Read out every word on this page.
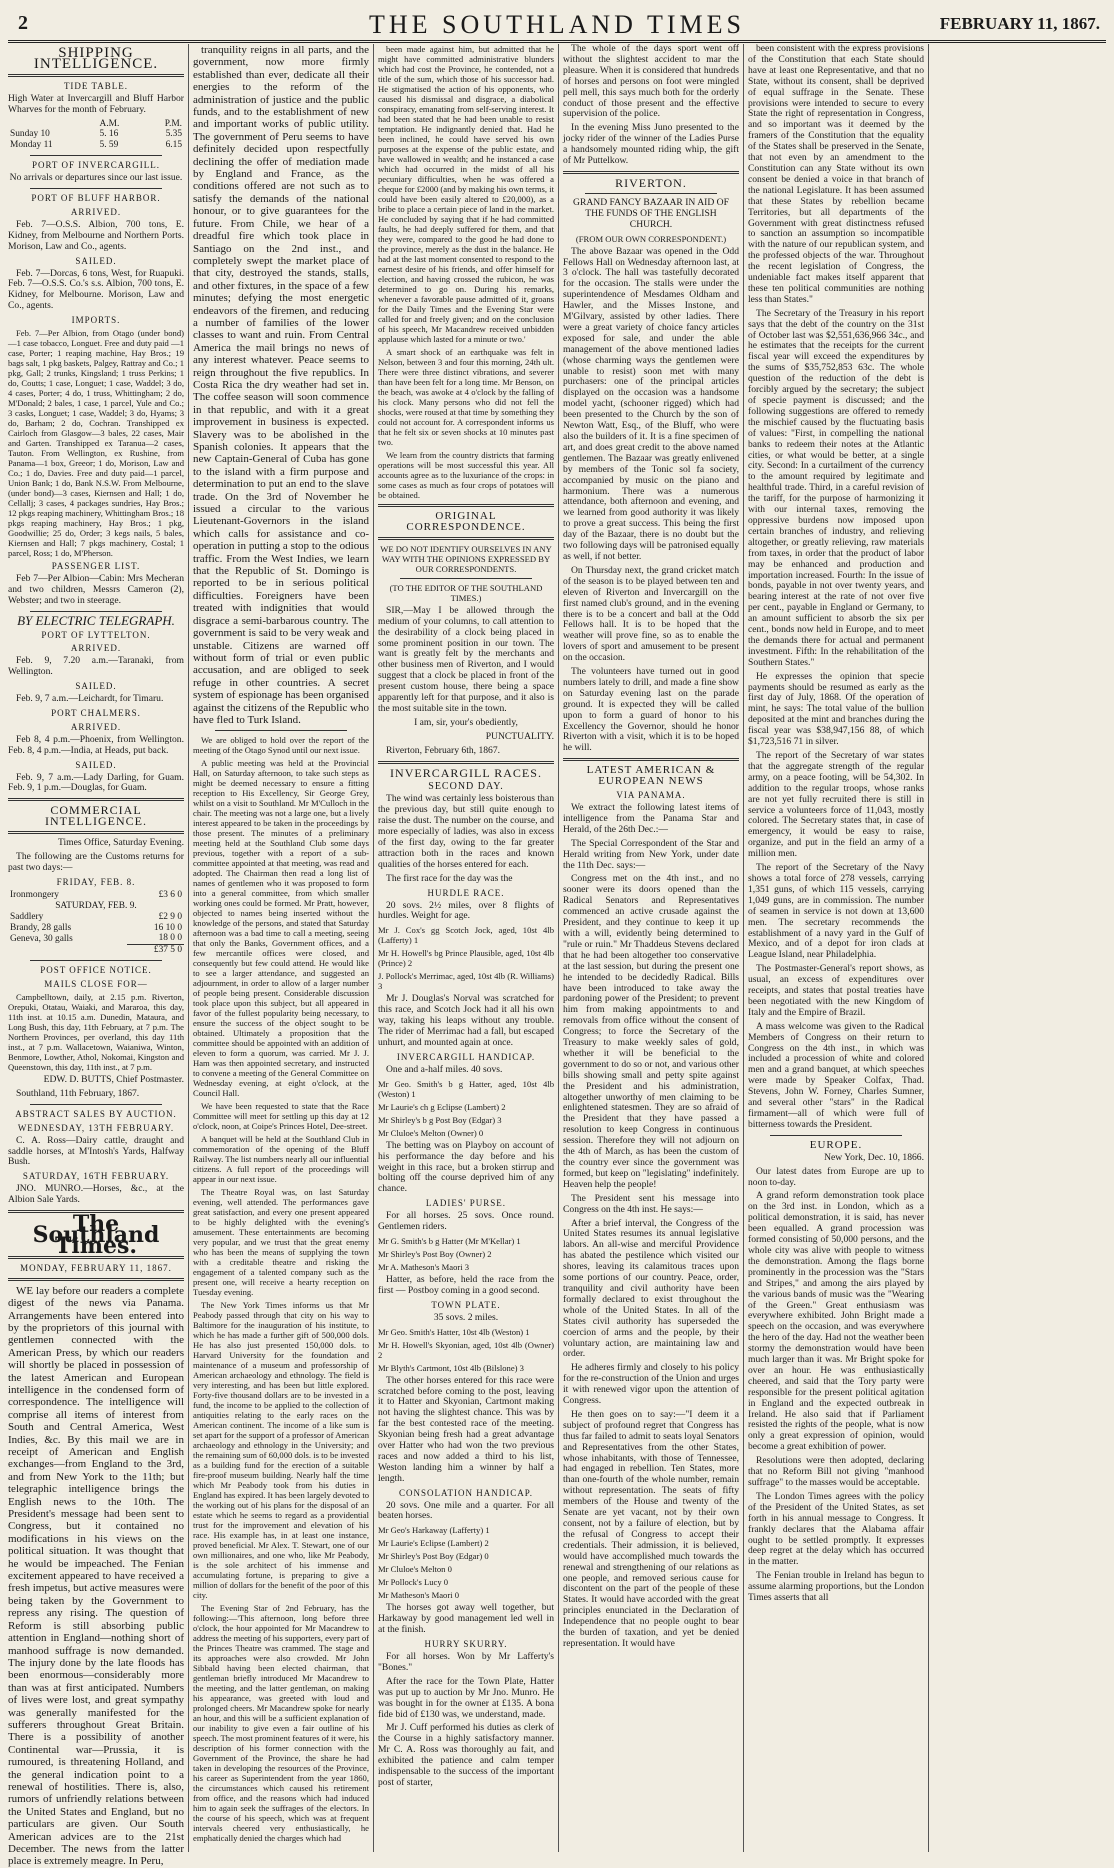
2	THE SOUTHLAND TIMES	FEBRUARY 11, 1867.
SHIPPING INTELLIGENCE.
TIDE TABLE.

High Water at Invercargill and Bluff Harbor Wharves for the month of February.

	A.M.	P.M.
Sunday 10	5. 16	5.35
Monday 11	5. 59	6.15
PORT OF INVERCARGILL.

No arrivals or departures since our last issue.

PORT OF BLUFF HARBOR.
ARRIVED.

Feb. 7—O.S.S. Albion, 700 tons, E. Kidney, from Melbourne and Northern Ports. Morison, Law and Co., agents.

SAILED.

Feb. 7—Dorcas, 6 tons, West, for Ruapuki. Feb. 7—O.S.S. Co.'s s.s. Albion, 700 tons, E. Kidney, for Melbourne. Morison, Law and Co., agents.

IMPORTS.

Feb. 7—Per Albion, from Otago (under bond) —1 case tobacco, Longuet. Free and duty paid —1 case, Porter; 1 reaping machine, Hay Bros.; 19 bags salt, 1 pkg baskets, Palgey, Rattray and Co.; 1 pkg, Gall; 2 trunks, Kingsland; 1 truss Perkins; 1 do, Coutts; 1 case, Longuet; 1 case, Waddel; 3 do, 4 cases, Porter; 4 do, 1 truss, Whittingham; 2 do, M'Donald; 2 bales, 1 case, 1 parcel, Yule and Co.; 3 casks, Longuet; 1 case, Waddel; 3 do, Hyams; 3 do, Barham; 2 do, Cochran. Transhipped ex Cairloch from Glasgow—3 bales, 22 cases, Mair and Garten. Transhipped ex Taranua—2 cases, Tauton. From Wellington, ex Rushine, from Panama—1 box, Greeor; 1 do, Morison, Law and Co.; 1 do, Davies. Free and duty paid—1 parcel, Union Bank; 1 do, Bank N.S.W. From Melbourne, (under bond)—3 cases, Kiernsen and Hall; 1 do, Cellallj; 3 cases, 4 packages sundries, Hay Bros.; 12 pkgs reaping machinery, Whittingham Bros.; 18 pkgs reaping machinery, Hay Bros.; 1 pkg, Goodwillie; 25 do, Order; 3 kegs nails, 5 bales, Kiernsen and Hall; 7 pkgs machinery, Costal; 1 parcel, Ross; 1 do, M'Pherson.

PASSENGER LIST.

Feb 7—Per Albion—Cabin: Mrs Mecheran and two children, Messrs Cameron (2), Webster; and two in steerage.

BY ELECTRIC TELEGRAPH.
PORT OF LYTTELTON.
ARRIVED.

Feb. 9, 7.20 a.m.—Taranaki, from Wellington.

SAILED.

Feb. 9, 7 a.m.—Leichardt, for Timaru.

PORT CHALMERS.
ARRIVED.

Feb 8, 4 p.m.—Phoenix, from Wellington. Feb. 8, 4 p.m.—India, at Heads, put back.

SAILED.

Feb. 9, 7 a.m.—Lady Darling, for Guam. Feb. 9, 1 p.m.—Douglas, for Guam.

COMMERCIAL INTELLIGENCE.

Times Office, Saturday Evening.

The following are the Customs returns for past two days:—

FRIDAY, FEB. 8.
Ironmongery	£3 6 0
SATURDAY, FEB. 9.	
Saddlery	£2 9 0
Brandy, 28 galls	16 10 0
Geneva, 30 galls	18 0 0
	£37 5 0
POST OFFICE NOTICE.
MAILS CLOSE FOR—

Campbelltown, daily, at 2.15 p.m. Riverton, Orepuki, Otatau, Waiaki, and Mararoa, this day, 11th inst. at 10.15 a.m. Dunedin, Mataura, and Long Bush, this day, 11th February, at 7 p.m. The Northern Provinces, per overland, this day 11th inst., at 7 p.m. Wallacetown, Waianiwa, Winton, Benmore, Lowther, Athol, Nokomai, Kingston and Queenstown, this day, 11th inst., at 7 p.m.

EDW. D. BUTTS, Chief Postmaster.

Southland, 11th February, 1867.

ABSTRACT SALES BY AUCTION.
WEDNESDAY, 13TH FEBRUARY.

C. A. Ross—Dairy cattle, draught and saddle horses, at M'Intosh's Yards, Halfway Bush.

SATURDAY, 16TH FEBRUARY.

JNO. MUNRO.—Horses, &c., at the Albion Sale Yards.

The Southland Times.
MONDAY, FEBRUARY 11, 1867.

WE lay before our readers a complete digest of the news via Panama. Arrangements have been entered into by the proprietors of this journal with gentlemen connected with the American Press, by which our readers will shortly be placed in possession of the latest American and European intelligence in the condensed form of correspondence. The intelligence will comprise all items of interest from South and Central America, West Indies, &c. By this mail we are in receipt of American and English exchanges—from England to the 3rd, and from New York to the 11th; but telegraphic intelligence brings the English news to the 10th. The President's message had been sent to Congress, but it contained no modifications in his views on the political situation. It was thought that he would be impeached. The Fenian excitement appeared to have received a fresh impetus, but active measures were being taken by the Government to repress any rising. The question of Reform is still absorbing public attention in England—nothing short of manhood suffrage is now demanded. The injury done by the late floods has been enormous—considerably more than was at first anticipated. Numbers of lives were lost, and great sympathy was generally manifested for the sufferers throughout Great Britain. There is a possibility of another Continental war—Prussia, it is rumoured, is threatening Holland, and the general indication point to a renewal of hostilities. There is, also, rumors of unfriendly relations between the United States and England, but no particulars are given. Our South American advices are to the 21st December. The news from the latter place is extremely meagre. In Peru,

tranquility reigns in all parts, and the government, now more firmly established than ever, dedicate all their energies to the reform of the administration of justice and the public funds, and to the establishment of new and important works of public utility. The government of Peru seems to have definitely decided upon respectfully declining the offer of mediation made by England and France, as the conditions offered are not such as to satisfy the demands of the national honour, or to give guarantees for the future. From Chile, we hear of a dreadful fire which took place in Santiago on the 2nd inst., and completely swept the market place of that city, destroyed the stands, stalls, and other fixtures, in the space of a few minutes; defying the most energetic endeavors of the firemen, and reducing a number of families of the lower classes to want and ruin. From Central America the mail brings no news of any interest whatever. Peace seems to reign throughout the five republics. In Costa Rica the dry weather had set in. The coffee season will soon commence in that republic, and with it a great improvement in business is expected. Slavery was to be abolished in the Spanish colonies. It appears that the new Captain-General of Cuba has gone to the island with a firm purpose and determination to put an end to the slave trade. On the 3rd of November he issued a circular to the various Lieutenant-Governors in the island which calls for assistance and co-operation in putting a stop to the odious traffic. From the West Indies, we learn that the Republic of St. Domingo is reported to be in serious political difficulties. Foreigners have been treated with indignities that would disgrace a semi-barbarous country. The government is said to be very weak and unstable. Citizens are warned off without form of trial or even public accusation, and are obliged to seek refuge in other countries. A secret system of espionage has been organised against the citizens of the Republic who have fled to Turk Island.

We are obliged to hold over the report of the meeting of the Otago Synod until our next issue.

A public meeting was held at the Provincial Hall, on Saturday afternoon, to take such steps as might be deemed necessary to ensure a fitting reception to His Excellency, Sir George Grey, whilst on a visit to Southland. Mr M'Culloch in the chair. The meeting was not a large one, but a lively interest appeared to be taken in the proceedings by those present. The minutes of a preliminary meeting held at the Southland Club some days previous, together with a report of a sub-committee appointed at that meeting, was read and adopted. The Chairman then read a long list of names of gentlemen who it was proposed to form into a general committee, from which smaller working ones could be formed. Mr Pratt, however, objected to names being inserted without the knowledge of the persons, and stated that Saturday afternoon was a bad time to call a meeting, seeing that only the Banks, Government offices, and a few mercantile offices were closed, and consequently but few could attend. He would like to see a larger attendance, and suggested an adjournment, in order to allow of a larger number of people being present. Considerable discussion took place upon this subject, but all appeared in favor of the fullest popularity being necessary, to ensure the success of the object sought to be obtained. Ultimately a proposition that the committee should be appointed with an addition of eleven to form a quorum, was carried. Mr J. J. Ham was then appointed secretary, and instructed to convene a meeting of the General Committee on Wednesday evening, at eight o'clock, at the Council Hall.

We have been requested to state that the Race Committee will meet for settling up this day at 12 o'clock, noon, at Coipe's Princes Hotel, Dee-street.

A banquet will be held at the Southland Club in commemoration of the opening of the Bluff Railway. The list numbers nearly all our influential citizens. A full report of the proceedings will appear in our next issue.

The Theatre Royal was, on last Saturday evening, well attended. The performances gave great satisfaction, and every one present appeared to be highly delighted with the evening's amusement. These entertainments are becoming very popular, and we trust that the great enemy who has been the means of supplying the town with a creditable theatre and risking the engagement of a talented company such as the present one, will receive a hearty reception on Tuesday evening.

The New York Times informs us that Mr Peabody passed through that city on his way to Baltimore for the inauguration of his institute, to which he has made a further gift of 500,000 dols. He has also just presented 150,000 dols. to Harvard University for the foundation and maintenance of a museum and professorship of American archaeology and ethnology. The field is very interesting, and has been but little explored. Forty-five thousand dollars are to be invested in a fund, the income to be applied to the collection of antiquities relating to the early races on the American continent. The income of a like sum is set apart for the support of a professor of American archaeology and ethnology in the University; and the remaining sum of 60,000 dols. is to be invested as a building fund for the erection of a suitable fire-proof museum building. Nearly half the time which Mr Peabody took from his duties in England has expired. It has been largely devoted to the working out of his plans for the disposal of an estate which he seems to regard as a providential trust for the improvement and elevation of his race. His example has, in at least one instance, proved beneficial. Mr Alex. T. Stewart, one of our own millionaires, and one who, like Mr Peabody, is the sole architect of his immense and accumulating fortune, is preparing to give a million of dollars for the benefit of the poor of this city.

The Evening Star of 2nd February, has the following:—'This afternoon, long before three o'clock, the hour appointed for Mr Macandrew to address the meeting of his supporters, every part of the Princes Theatre was crammed. The stage and its approaches were also crowded. Mr John Sibbald having been elected chairman, that gentleman briefly introduced Mr Macandrew to the meeting, and the latter gentleman, on making his appearance, was greeted with loud and prolonged cheers. Mr Macandrew spoke for nearly an hour, and this will be a sufficient explanation of our inability to give even a fair outline of his speech. The most prominent features of it were, his description of his former connection with the Government of the Province, the share he had taken in developing the resources of the Province, his career as Superintendent from the year 1860, the circumstances which caused his retirement from office, and the reasons which had induced him to again seek the suffrages of the electors. In the course of his speech, which was at frequent intervals cheered very enthusiastically, he emphatically denied the charges which had

been made against him, but admitted that he might have committed administrative blunders which had cost the Province, he contended, not a title of the sum, which those of his successor had. He stigmatised the action of his opponents, who caused his dismissal and disgrace, a diabolical conspiracy, emanating from self-serving interest. It had been stated that he had been unable to resist temptation. He indignantly denied that. Had he been inclined, he could have served his own purposes at the expense of the public estate, and have wallowed in wealth; and he instanced a case which had occurred in the midst of all his pecuniary difficulties, when he was offered a cheque for £2000 (and by making his own terms, it could have been easily altered to £20,000), as a bribe to place a certain piece of land in the market. He concluded by saying that if he had committed faults, he had deeply suffered for them, and that they were, compared to the good he had done to the province, merely as the dust in the balance. He had at the last moment consented to respond to the earnest desire of his friends, and offer himself for election, and having crossed the rubicon, he was determined to go on. During his remarks, whenever a favorable pause admitted of it, groans for the Daily Times and the Evening Star were called for and freely given; and on the conclusion of his speech, Mr Macandrew received unbidden applause which lasted for a minute or two.'

A smart shock of an earthquake was felt in Nelson, between 3 and four this morning, 24th ult. There were three distinct vibrations, and severer than have been felt for a long time. Mr Benson, on the beach, was awoke at 4 o'clock by the falling of his clock. Many persons who did not fell the shocks, were roused at that time by something they could not account for. A correspondent informs us that he felt six or seven shocks at 10 minutes past two.

We learn from the country districts that farming operations will be most successful this year. All accounts agree as to the luxuriance of the crops: in some cases as much as four crops of potatoes will be obtained.

ORIGINAL CORRESPONDENCE.

WE DO NOT IDENTIFY OURSELVES IN ANY WAY WITH THE OPINIONS EXPRESSED BY OUR CORRESPONDENTS.

(TO THE EDITOR OF THE SOUTHLAND TIMES.)

SIR,—May I be allowed through the medium of your columns, to call attention to the desirability of a clock being placed in some prominent position in our town. The want is greatly felt by the merchants and other business men of Riverton, and I would suggest that a clock be placed in front of the present custom house, there being a space apparently left for that purpose, and it also is the most suitable site in the town.

I am, sir, your's obediently,

PUNCTUALITY.

Riverton, February 6th, 1867.

INVERCARGILL RACES.
SECOND DAY.

The wind was certainly less boisterous than the previous day, but still quite enough to raise the dust. The number on the course, and more especially of ladies, was also in excess of the first day, owing to the far greater attraction both in the races and known qualities of the horses entered for each.

The first race for the day was the

HURDLE RACE.

20 sovs. 2½ miles, over 8 flights of hurdles. Weight for age.

Mr J. Cox's gg Scotch Jock, aged, 10st 4lb (Lafferty) 1

Mr H. Howell's bg Prince Plausible, aged, 10st 4lb (Prince) 2

J. Pollock's Merrimac, aged, 10st 4lb (R. Williams) 3

Mr J. Douglas's Norval was scratched for this race, and Scotch Jock had it all his own way, taking his leaps without any trouble. The rider of Merrimac had a fall, but escaped unhurt, and mounted again at once.

INVERCARGILL HANDICAP.

One and a-half miles. 40 sovs.

Mr Geo. Smith's b g Hatter, aged, 10st 4lb (Weston) 1

Mr Laurie's ch g Eclipse (Lambert) 2

Mr Shirley's b g Post Boy (Edgar) 3

Mr Cluloe's Melton (Owner) 0

The betting was on Playboy on account of his performance the day before and his weight in this race, but a broken stirrup and bolting off the course deprived him of any chance.

LADIES' PURSE.

For all horses. 25 sovs. Once round. Gentlemen riders.

Mr G. Smith's b g Hatter (Mr M'Kellar) 1

Mr Shirley's Post Boy (Owner) 2

Mr A. Matheson's Maori 3

Hatter, as before, held the race from the first — Postboy coming in a good second.

TOWN PLATE.

35 sovs. 2 miles.

Mr Geo. Smith's Hatter, 10st 4lb (Weston) 1

Mr H. Howell's Skyonian, aged, 10st 4lb (Owner) 2

Mr Blyth's Cartmont, 10st 4lb (Bilslone) 3

The other horses entered for this race were scratched before coming to the post, leaving it to Hatter and Skyonian, Cartmont making not having the slightest chance. This was by far the best contested race of the meeting. Skyonian being fresh had a great advantage over Hatter who had won the two previous races and now added a third to his list, Weston landing him a winner by half a length.

CONSOLATION HANDICAP.

20 sovs. One mile and a quarter. For all beaten horses.

Mr Geo's Harkaway (Lafferty) 1

Mr Laurie's Eclipse (Lambert) 2

Mr Shirley's Post Boy (Edgar) 0

Mr Cluloe's Melton 0

Mr Pollock's Lucy 0

Mr Matheson's Maori 0

The horses got away well together, but Harkaway by good management led well in at the finish.

HURRY SKURRY.

For all horses. Won by Mr Lafferty's "Bones."

After the race for the Town Plate, Hatter was put up to auction by Mr Jno. Munro. He was bought in for the owner at £135. A bona fide bid of £130 was, we understand, made.

Mr J. Cuff performed his duties as clerk of the Course in a highly satisfactory manner. Mr C. A. Ross was thoroughly au fait, and exhibited the patience and calm temper indispensable to the success of the important post of starter,

The whole of the days sport went off without the slightest accident to mar the pleasure. When it is considered that hundreds of horses and persons on foot were mingled pell mell, this says much both for the orderly conduct of those present and the effective supervision of the police.

In the evening Miss Juno presented to the jocky rider of the winner of the Ladies Purse a handsomely mounted riding whip, the gift of Mr Puttelkow.

RIVERTON.

GRAND FANCY BAZAAR IN AID OF THE FUNDS OF THE ENGLISH CHURCH.

(FROM OUR OWN CORRESPONDENT.)

The above Bazaar was opened in the Odd Fellows Hall on Wednesday afternoon last, at 3 o'clock. The hall was tastefully decorated for the occasion. The stalls were under the superintendence of Mesdames Oldham and Hawler, and the Misses Instone, and M'Gilvary, assisted by other ladies. There were a great variety of choice fancy articles exposed for sale, and under the able management of the above mentioned ladies (whose charming ways the gentlemen were unable to resist) soon met with many purchasers: one of the principal articles displayed on the occasion was a handsome model yacht, (schooner rigged) which had been presented to the Church by the son of Newton Watt, Esq., of the Bluff, who were also the builders of it. It is a fine specimen of art, and does great credit to the above named gentlemen. The Bazaar was greatly enlivened by members of the Tonic sol fa society, accompanied by music on the piano and harmonium. There was a numerous attendance, both afternoon and evening, and we learned from good authority it was likely to prove a great success. This being the first day of the Bazaar, there is no doubt but the two following days will be patronised equally as well, if not better.

On Thursday next, the grand cricket match of the season is to be played between ten and eleven of Riverton and Invercargill on the first named club's ground, and in the evening there is to be a concert and ball at the Odd Fellows hall. It is to be hoped that the weather will prove fine, so as to enable the lovers of sport and amusement to be present on the occasion.

The volunteers have turned out in good numbers lately to drill, and made a fine show on Saturday evening last on the parade ground. It is expected they will be called upon to form a guard of honor to his Excellency the Governor, should he honor Riverton with a visit, which it is to be hoped he will.

LATEST AMERICAN & EUROPEAN NEWS
VIA PANAMA.

We extract the following latest items of intelligence from the Panama Star and Herald, of the 26th Dec.:—

The Special Correspondent of the Star and Herald writing from New York, under date the 11th Dec. says:—

Congress met on the 4th inst., and no sooner were its doors opened than the Radical Senators and Representatives commenced an active crusade against the President, and they continue to keep it up with a will, evidently being determined to "rule or ruin." Mr Thaddeus Stevens declared that he had been altogether too conservative at the last session, but during the present one he intended to be decidedly Radical. Bills have been introduced to take away the pardoning power of the President; to prevent him from making appointments to and removals from office without the consent of Congress; to force the Secretary of the Treasury to make weekly sales of gold, whether it will be beneficial to the government to do so or not, and various other bills showing small and petty spite against the President and his administration, altogether unworthy of men claiming to be enlightened statesmen. They are so afraid of the President that they have passed a resolution to keep Congress in continuous session. Therefore they will not adjourn on the 4th of March, as has been the custom of the country ever since the government was formed, but keep on "legislating" indefinitely. Heaven help the people!

The President sent his message into Congress on the 4th inst. He says:—

After a brief interval, the Congress of the United States resumes its annual legislative labors. An all-wise and merciful Providence has abated the pestilence which visited our shores, leaving its calamitous traces upon some portions of our country. Peace, order, tranquility and civil authority have been formally declared to exist throughout the whole of the United States. In all of the States civil authority has superseded the coercion of arms and the people, by their voluntary action, are maintaining law and order.

He adheres firmly and closely to his policy for the re-construction of the Union and urges it with renewed vigor upon the attention of Congress.

He then goes on to say:—"I deem it a subject of profound regret that Congress has thus far failed to admit to seats loyal Senators and Representatives from the other States, whose inhabitants, with those of Tennessee, had engaged in rebellion. Ten States, more than one-fourth of the whole number, remain without representation. The seats of fifty members of the House and twenty of the Senate are yet vacant, not by their own consent, not by a failure of election, but by the refusal of Congress to accept their credentials. Their admission, it is believed, would have accomplished much towards the renewal and strengthening of our relations as one people, and removed serious cause for discontent on the part of the people of these States. It would have accorded with the great principles enunciated in the Declaration of Independence that no people ought to bear the burden of taxation, and yet be denied representation. It would have

been consistent with the express provisions of the Constitution that each State should have at least one Representative, and that no State, without its consent, shall be deprived of equal suffrage in the Senate. These provisions were intended to secure to every State the right of representation in Congress, and so important was it deemed by the framers of the Constitution that the equality of the States shall be preserved in the Senate, that not even by an amendment to the Constitution can any State without its own consent be denied a voice in that branch of the national Legislature. It has been assumed that these States by rebellion became Territories, but all departments of the Government with great distinctness refused to sanction an assumption so incompatible with the nature of our republican system, and the professed objects of the war. Throughout the recent legislation of Congress, the undeniable fact makes itself apparent that these ten political communities are nothing less than States."

The Secretary of the Treasury in his report says that the debt of the country on the 31st of October last was $2,551,636,966 34c., and he estimates that the receipts for the current fiscal year will exceed the expenditures by the sums of $35,752,853 63c. The whole question of the reduction of the debt is forcibly argued by the secretary; the subject of specie payment is discussed; and the following suggestions are offered to remedy the mischief caused by the fluctuating basis of values: "First, in compelling the national banks to redeem their notes at the Atlantic cities, or what would be better, at a single city. Second: In a curtailment of the currency to the amount required by legitimate and healthful trade. Third, in a careful revision of the tariff, for the purpose of harmonizing it with our internal taxes, removing the oppressive burdens now imposed upon certain branches of industry, and relieving altogether, or greatly relieving, raw materials from taxes, in order that the product of labor may be enhanced and production and importation increased. Fourth: In the issue of bonds, payable in not over twenty years, and bearing interest at the rate of not over five per cent., payable in England or Germany, to an amount sufficient to absorb the six per cent., bonds now held in Europe, and to meet the demands there for actual and permanent investment. Fifth: In the rehabilitation of the Southern States."

He expresses the opinion that specie payments should be resumed as early as the first day of July, 1868. Of the operation of mint, he says: The total value of the bullion deposited at the mint and branches during the fiscal year was $38,947,156 88, of which $1,723,516 71 in silver.

The report of the Secretary of war states that the aggregate strength of the regular army, on a peace footing, will be 54,302. In addition to the regular troops, whose ranks are not yet fully recruited there is still in service a volunteers force of 11,043, mostly colored. The Secretary states that, in case of emergency, it would be easy to raise, organize, and put in the field an army of a million men.

The report of the Secretary of the Navy shows a total force of 278 vessels, carrying 1,351 guns, of which 115 vessels, carrying 1,049 guns, are in commission. The number of seamen in service is not down at 13,600 men. The secretary recommends the establishment of a navy yard in the Gulf of Mexico, and of a depot for iron clads at League Island, near Philadelphia.

The Postmaster-General's report shows, as usual, an excess of expenditures over receipts, and states that postal treaties have been negotiated with the new Kingdom of Italy and the Empire of Brazil.

A mass welcome was given to the Radical Members of Congress on their return to Congress on the 4th inst., in which was included a procession of white and colored men and a grand banquet, at which speeches were made by Speaker Colfax, Thad. Stevens, John W. Forney, Charles Sumner, and several other "stars" in the Radical firmament—all of which were full of bitterness towards the President.

EUROPE.

New York, Dec. 10, 1866.

Our latest dates from Europe are up to noon to-day.

A grand reform demonstration took place on the 3rd inst. in London, which as a political demonstration, it is said, has never been equalled. A grand procession was formed consisting of 50,000 persons, and the whole city was alive with people to witness the demonstration. Among the flags borne prominently in the procession was the "Stars and Stripes," and among the airs played by the various bands of music was the "Wearing of the Green." Great enthusiasm was everywhere exhibited. John Bright made a speech on the occasion, and was everywhere the hero of the day. Had not the weather been stormy the demonstration would have been much larger than it was. Mr Bright spoke for over an hour. He was enthusiastically cheered, and said that the Tory party were responsible for the present political agitation in England and the expected outbreak in Ireland. He also said that if Parliament resisted the rights of the people, what is now only a great expression of opinion, would become a great exhibition of power.

Resolutions were then adopted, declaring that no Reform Bill not giving "manhood suffrage" to the masses would be acceptable.

The London Times agrees with the policy of the President of the United States, as set forth in his annual message to Congress. It frankly declares that the Alabama affair ought to be settled promptly. It expresses deep regret at the delay which has occurred in the matter.

The Fenian trouble in Ireland has begun to assume alarming proportions, but the London Times asserts that all
